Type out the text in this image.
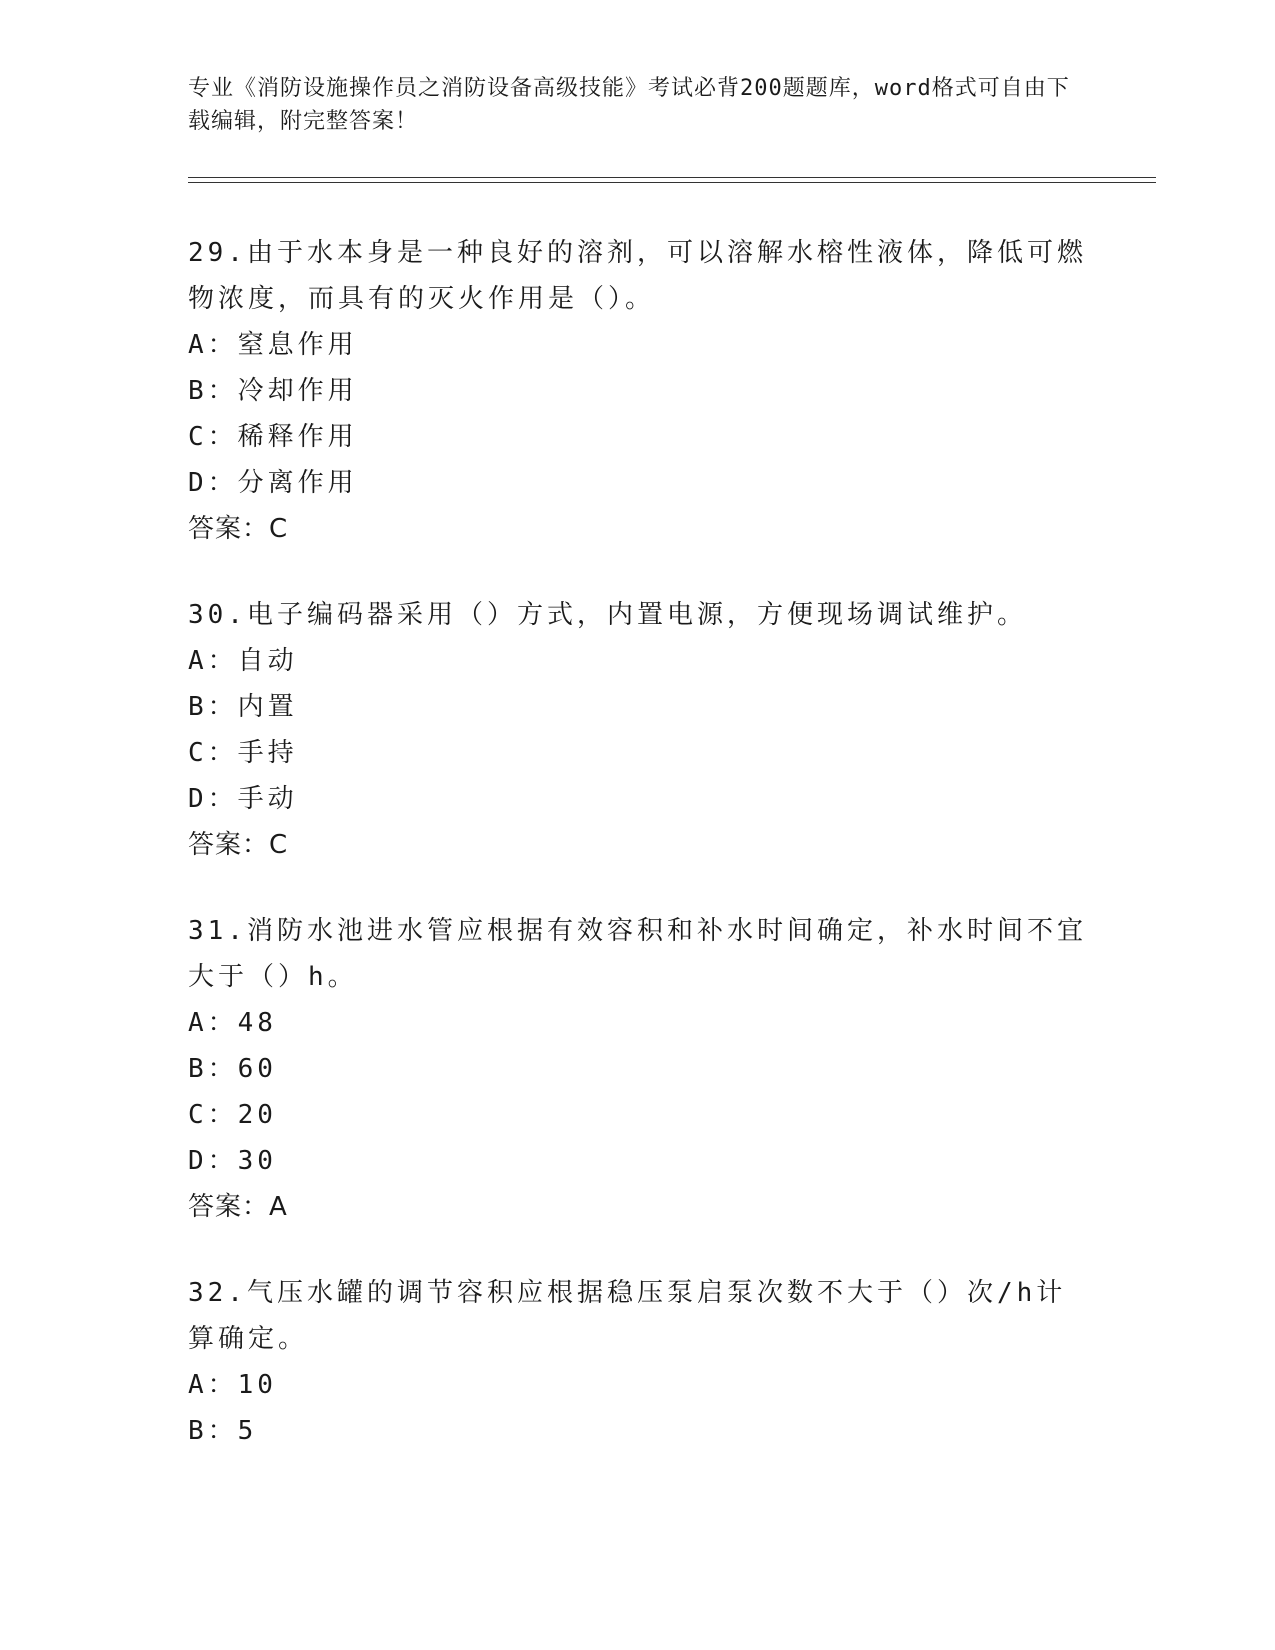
专业《消防设施操作员之消防设备高级技能》考试必背200题题库，word格式可自由下载编辑，附完整答案！
29.由于水本身是一种良好的溶剂，可以溶解水榕性液体，降低可燃物浓度，而具有的灭火作用是（）。
A：窒息作用
B：冷却作用
C：稀释作用
D：分离作用
答案：C
30.电子编码器采用（）方式，内置电源，方便现场调试维护。
A：自动
B：内置
C：手持
D：手动
答案：C
31.消防水池进水管应根据有效容积和补水时间确定，补水时间不宜大于（）h。
A：48
B：60
C：20
D：30
答案：A
32.气压水罐的调节容积应根据稳压泵启泵次数不大于（）次/h计算确定。
A：10
B：5
